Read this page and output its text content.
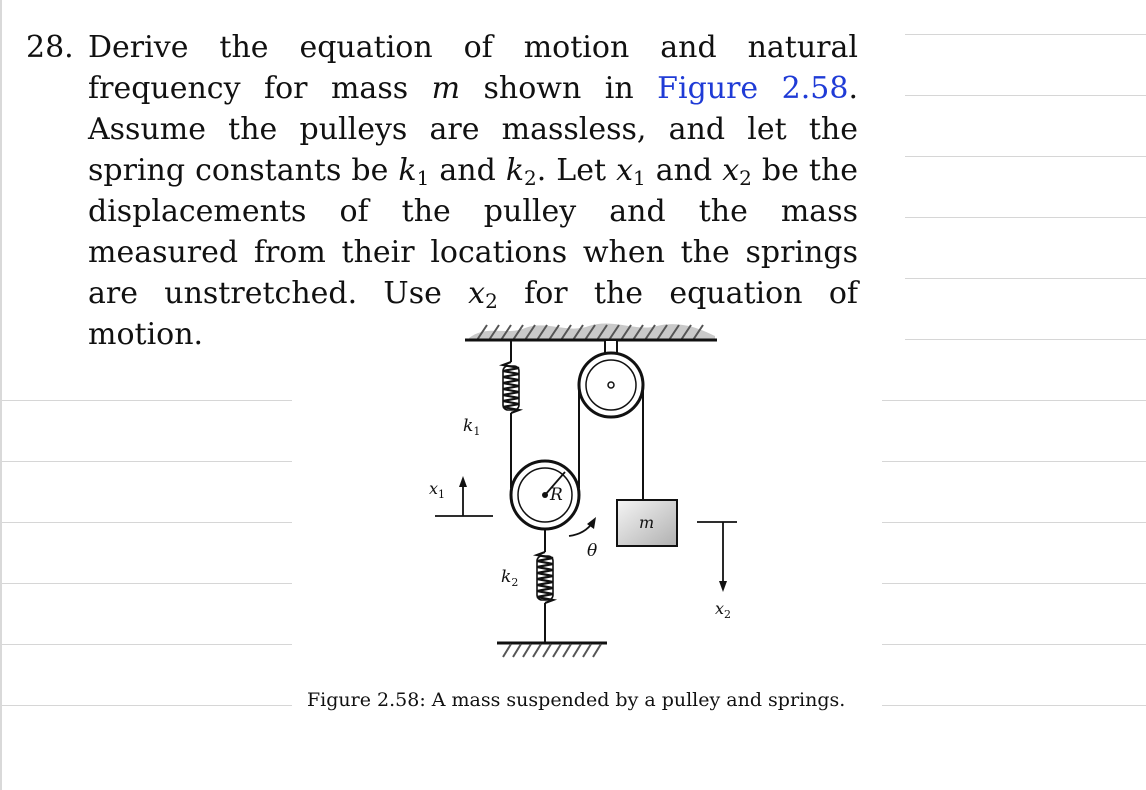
28. Derive the equation of motion and natural frequency for mass m shown in Figure 2.58. Assume the pulleys are massless, and let the spring constants be $k_1$ and $k_2$. Let $x_1$ and $x_2$ be the displacements of the pulley and the mass measured from their locations when the springs are unstretched. Use $x_2$ for the equation of motion.
R
θ
m
$x_1$
$x_2$
$k_1$
$k_2$
Figure 2.58: A mass suspended by a pulley and springs.
